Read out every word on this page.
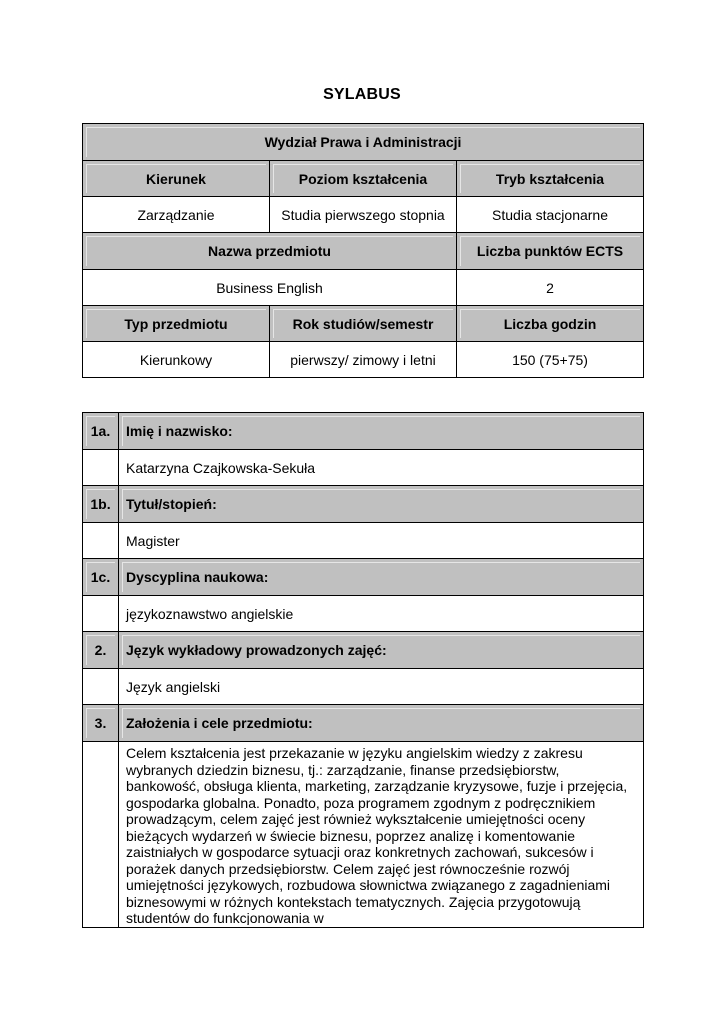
SYLABUS
Wydział Prawa i Administracji		
Kierunek	Poziom kształcenia	Tryb kształcenia
Zarządzanie	Studia pierwszego stopnia	Studia stacjonarne
Nazwa przedmiotu		Liczba punktów ECTS
Business English		2
Typ przedmiotu	Rok studiów/semestr	Liczba godzin
Kierunkowy	pierwszy/ zimowy i letni	150 (75+75)
1a.	Imię i nazwisko:
	Katarzyna Czajkowska-Sekuła
1b.	Tytuł/stopień:
	Magister
1c.	Dyscyplina naukowa:
	językoznawstwo angielskie
2.	Język wykładowy prowadzonych zajęć:
	Język angielski
3.	Założenia i cele przedmiotu:

	Celem kształcenia jest przekazanie w języku angielskim wiedzy z zakresu wybranych dziedzin biznesu, tj.: zarządzanie, finanse przedsiębiorstw, bankowość, obsługa klienta, marketing, zarządzanie kryzysowe, fuzje i przejęcia, gospodarka globalna. Ponadto, poza programem zgodnym z podręcznikiem prowadzącym, celem zajęć jest również wykształcenie umiejętności oceny bieżących wydarzeń w świecie biznesu, poprzez analizę i komentowanie zaistniałych w gospodarce sytuacji oraz konkretnych zachowań, sukcesów i porażek danych przedsiębiorstw. Celem zajęć jest równocześnie rozwój umiejętności językowych, rozbudowa słownictwa związanego z zagadnieniami biznesowymi w różnych kontekstach tematycznych. Zajęcia przygotowują studentów do funkcjonowania w
